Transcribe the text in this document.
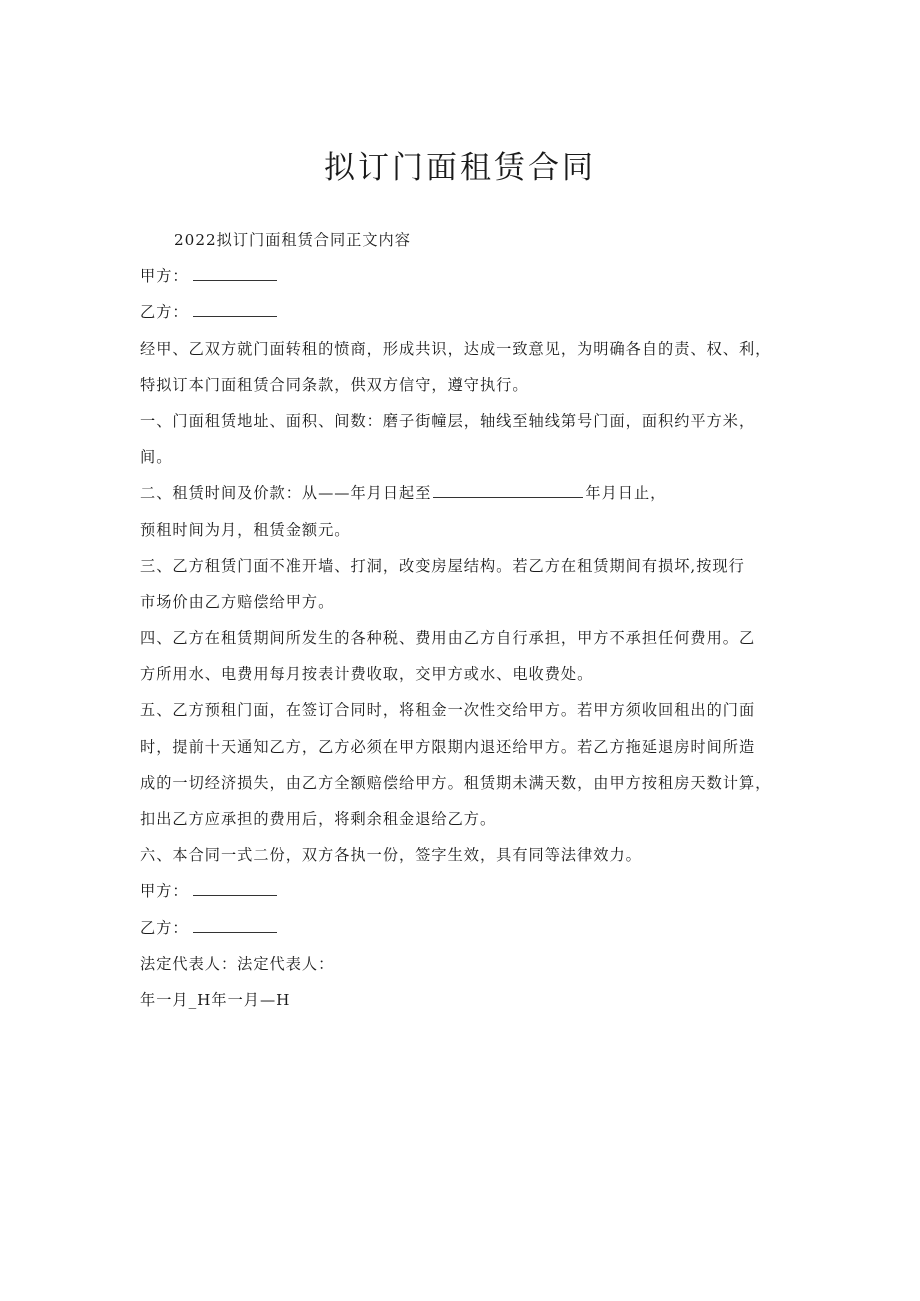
拟订门面租赁合同
2022拟订门面租赁合同正文内容
甲方：
乙方：
经甲、乙双方就门面转租的愤商，形成共识，达成一致意见，为明确各自的责、权、利，
特拟订本门面租赁合同条款，供双方信守，遵守执行。
一、门面租赁地址、面积、间数：磨子街幢层，轴线至轴线第号门面，面积约平方米，
间。
二、租赁时间及价款：从——年月日起至	年月日止，
预租时间为月，租赁金额元。
三、乙方租赁门面不准开墙、打洞，改变房屋结构。若乙方在租赁期间有损坏,按现行
市场价由乙方赔偿给甲方。
四、乙方在租赁期间所发生的各种税、费用由乙方自行承担，甲方不承担任何费用。乙
方所用水、电费用每月按表计费收取，交甲方或水、电收费处。
五、乙方预租门面，在签订合同时，将租金一次性交给甲方。若甲方须收回租出的门面
时，提前十天通知乙方，乙方必须在甲方限期内退还给甲方。若乙方拖延退房时间所造
成的一切经济损失，由乙方全额赔偿给甲方。租赁期未满天数，由甲方按租房天数计算，
扣出乙方应承担的费用后，将剩余租金退给乙方。
六、本合同一式二份，双方各执一份，签字生效，具有同等法律效力。
甲方：
乙方：
法定代表人：法定代表人：
年一月_H年一月—H
